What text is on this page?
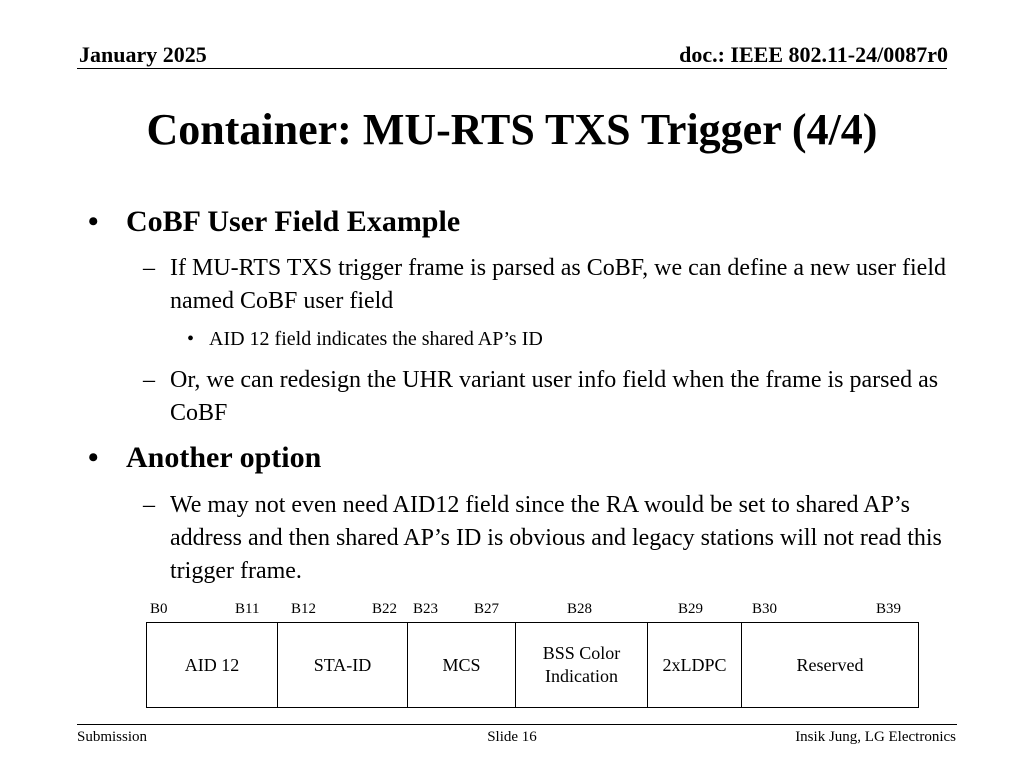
January 2025	doc.: IEEE 802.11-24/0087r0
Container: MU-RTS TXS Trigger (4/4)
• CoBF User Field Example
– If MU-RTS TXS trigger frame is parsed as CoBF, we can define a new user field named CoBF user field
• AID 12 field indicates the shared AP’s ID
– Or, we can redesign the UHR variant user info field when the frame is parsed as CoBF
• Another option
– We may not even need AID12 field since the RA would be set to shared AP’s address and then shared AP’s ID is obvious and legacy stations will not read this trigger frame.
B0	B11 B12	B22 B23 B27	B28	B29	B30	B39
AID 12	STA-ID	MCS	BSS Color Indication	2xLDPC	Reserved
Submission	Slide 16	Insik Jung, LG Electronics
